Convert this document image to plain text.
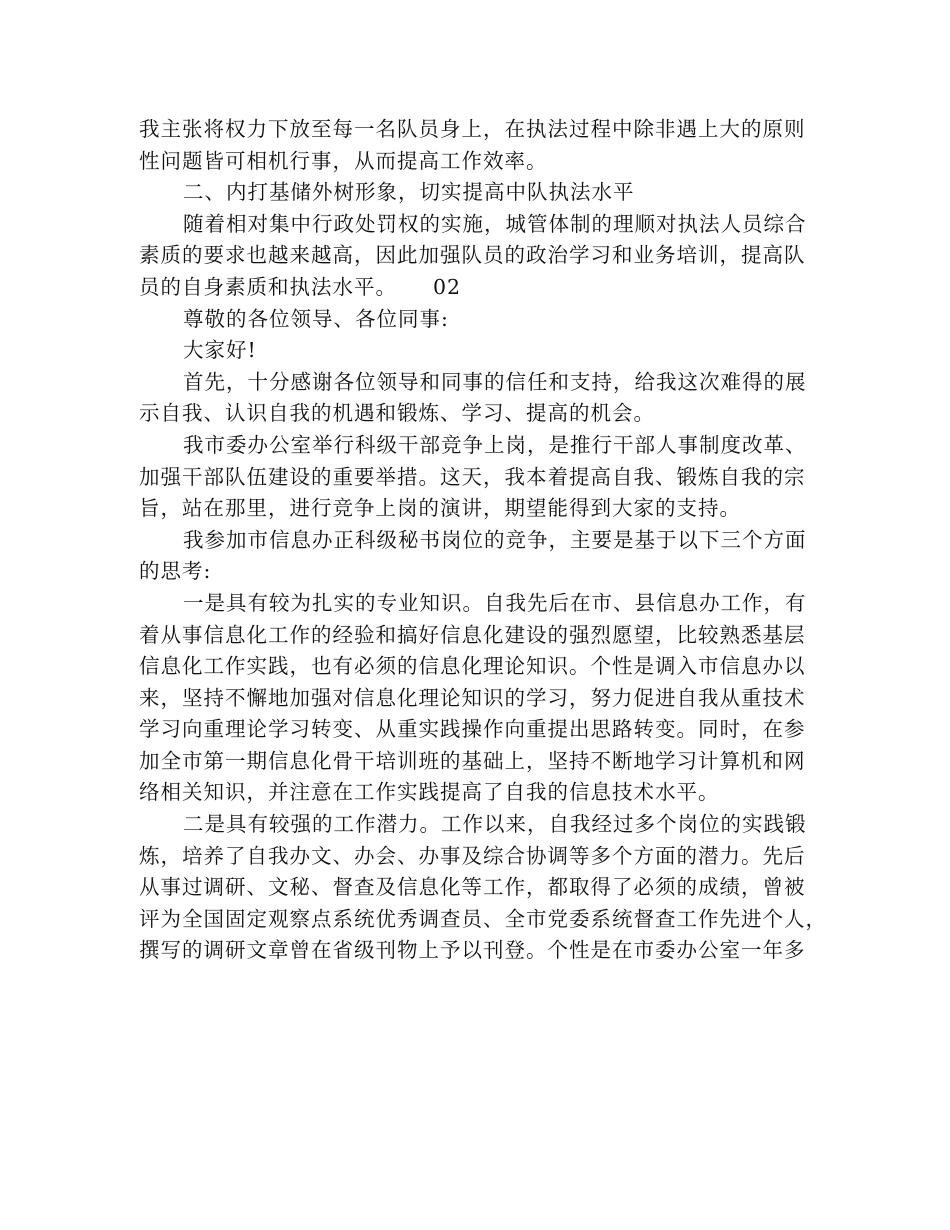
我主张将权力下放至每一名队员身上，在执法过程中除非遇上大的原则
性问题皆可相机行事，从而提高工作效率。
二、内打基储外树形象，切实提高中队执法水平
随着相对集中行政处罚权的实施，城管体制的理顺对执法人员综合
素质的要求也越来越高，因此加强队员的政治学习和业务培训，提高队
员的自身素质和执法水平。 02
尊敬的各位领导、各位同事:
大家好!
首先，十分感谢各位领导和同事的信任和支持，给我这次难得的展
示自我、认识自我的机遇和锻炼、学习、提高的机会。
我市委办公室举行科级干部竞争上岗，是推行干部人事制度改革、
加强干部队伍建设的重要举措。这天，我本着提高自我、锻炼自我的宗
旨，站在那里，进行竞争上岗的演讲，期望能得到大家的支持。
我参加市信息办正科级秘书岗位的竞争，主要是基于以下三个方面
的思考:
一是具有较为扎实的专业知识。自我先后在市、县信息办工作，有
着从事信息化工作的经验和搞好信息化建设的强烈愿望，比较熟悉基层
信息化工作实践，也有必须的信息化理论知识。个性是调入市信息办以
来，坚持不懈地加强对信息化理论知识的学习，努力促进自我从重技术
学习向重理论学习转变、从重实践操作向重提出思路转变。同时，在参
加全市第一期信息化骨干培训班的基础上，坚持不断地学习计算机和网
络相关知识，并注意在工作实践提高了自我的信息技术水平。
二是具有较强的工作潜力。工作以来，自我经过多个岗位的实践锻
炼，培养了自我办文、办会、办事及综合协调等多个方面的潜力。先后
从事过调研、文秘、督查及信息化等工作，都取得了必须的成绩，曾被
评为全国固定观察点系统优秀调查员、全市党委系统督查工作先进个人，
撰写的调研文章曾在省级刊物上予以刊登。个性是在市委办公室一年多
